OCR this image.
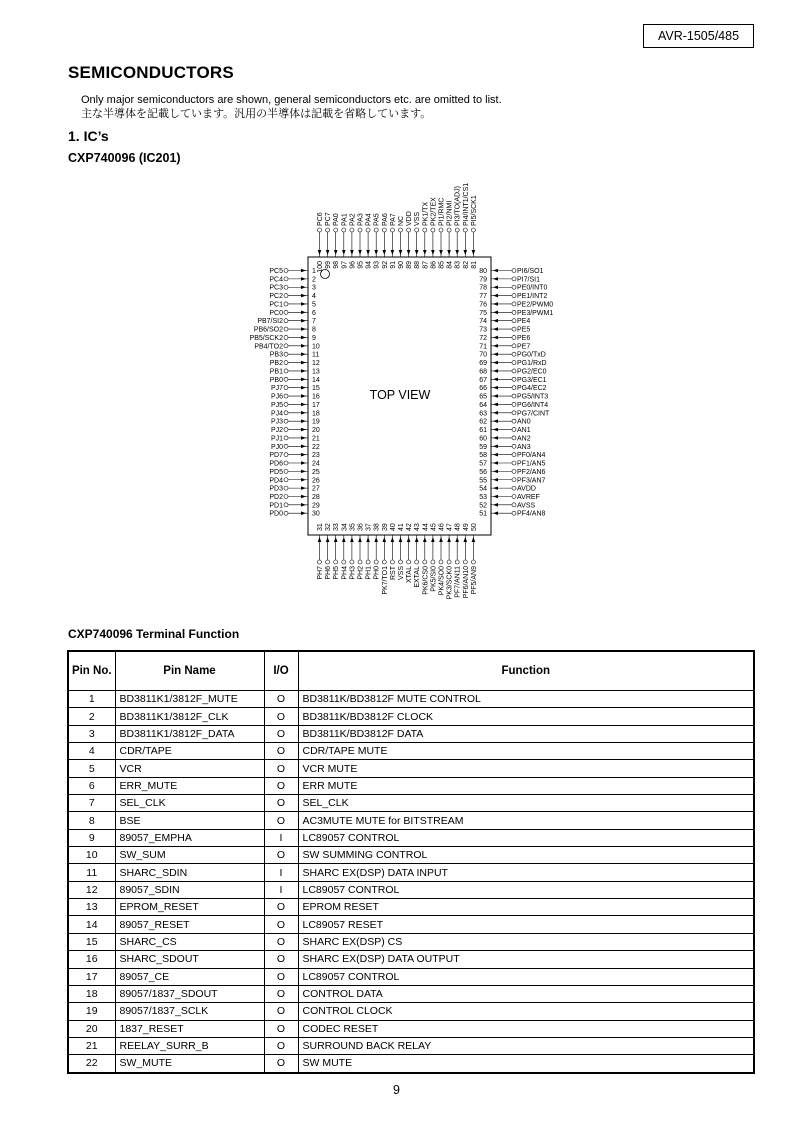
AVR-1505/485
SEMICONDUCTORS
Only major semiconductors are shown, general semiconductors etc. are omitted to list.
主な半導体を記載しています。汎用の半導体は記載を省略しています。
1. IC’s
CXP740096 (IC201)
TOP VIEW
PC5	1
PC4	2
PC3	3
PC2	4
PC1	5
PC0	6
PB7/SI2	7
PB6/SO2	8
PB5/SCK2	9
PB4/TO2	10
PB3	11
PB2	12
PB1	13
PB0	14
PJ7	15
PJ6	16
PJ5	17
PJ4	18
PJ3	19
PJ2	20
PJ1	21
PJ0	22
PD7	23
PD6	24
PD5	25
PD4	26
PD3	27
PD2	28
PD1	29
PD0	30
PI6/SO1
80
PI7/SI1
79
PE0/INT0
78
PE1/INT2
77
PE2/PWM0
76
PE3/PWM1
75
PE4
74
PE5
73
PE6
72
PE7
71
PG0/TxD
70
PG1/RxD
69
PG2/EC0
68
PG3/EC1
67
PG4/EC2
66
PG5/INT3
65
PG6/INT4
64
PG7/CINT
63
AN0
62
AN1
61
AN2
60
AN3
59
PF0/AN4
58
PF1/AN5
57
PF2/AN6
56
PF3/AN7
55
AVDD
54
AVREF
53
AVSS
52
PF4/AN8
51
PC6
100
PC7
99
PA0
98
PA1
97
PA2
96
PA3
95
PA4
94
PA5
93
PA6
92
PA7
91
NC
90
VDD
89
VSS
88
PK1/TX
87
PK2/TEX
86
PI1/RMC
85
PI2/NMI
84
PI3/TO(ADJ)
83
PI4/INT1/CS1
82
PI5/SCK1
81
PH7
31
PH6
32
PH5
33
PH4
34
PH3
35
PH2
36
PH1
37
PH0
38
PK7/TO1
39
RST
40
VSS
41
XTAL
42
EXTAL
43
PK6/CS0
44
PK5/SI0
45
PK4/SO0
46
PK3/SCK0
47
PF7/AN11
48
PF6/AN10
49
PF5/AN9
50
CXP740096 Terminal Function
Pin No.	Pin Name	I/O	Function
1	BD3811K1/3812F_MUTE	O	BD3811K/BD3812F MUTE CONTROL
2	BD3811K1/3812F_CLK	O	BD3811K/BD3812F CLOCK
3	BD3811K1/3812F_DATA	O	BD3811K/BD3812F DATA
4	CDR/TAPE	O	CDR/TAPE MUTE
5	VCR	O	VCR MUTE
6	ERR_MUTE	O	ERR MUTE
7	SEL_CLK	O	SEL_CLK
8	BSE	O	AC3MUTE MUTE for BITSTREAM
9	89057_EMPHA	I	LC89057 CONTROL
10	SW_SUM	O	SW SUMMING CONTROL
11	SHARC_SDIN	I	SHARC EX(DSP) DATA INPUT
12	89057_SDIN	I	LC89057 CONTROL
13	EPROM_RESET	O	EPROM RESET
14	89057_RESET	O	LC89057 RESET
15	SHARC_CS	O	SHARC EX(DSP) CS
16	SHARC_SDOUT	O	SHARC EX(DSP) DATA OUTPUT
17	89057_CE	O	LC89057 CONTROL
18	89057/1837_SDOUT	O	CONTROL DATA
19	89057/1837_SCLK	O	CONTROL CLOCK
20	1837_RESET	O	CODEC RESET
21	REELAY_SURR_B	O	SURROUND BACK RELAY
22	SW_MUTE	O	SW MUTE
9
